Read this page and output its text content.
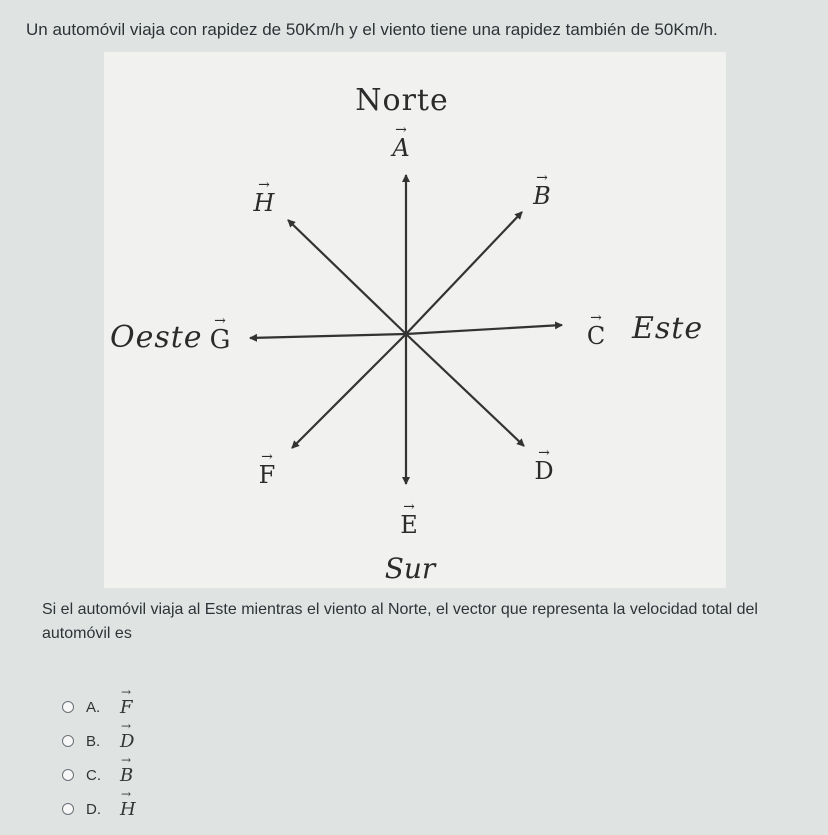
Un automóvil viaja con rapidez de 50Km/h y el viento tiene una rapidez también de 50Km/h.
Norte
Sur
Este
Oeste
A
→
B
→
C
→
D
→
E
→
F
→
G
→
H
→
Si el automóvil viaja al Este mientras el viento al Norte, el vector que representa la velocidad total del automóvil es
A.	→ F
B.	→ D
C.	→ B
D.	→ H
